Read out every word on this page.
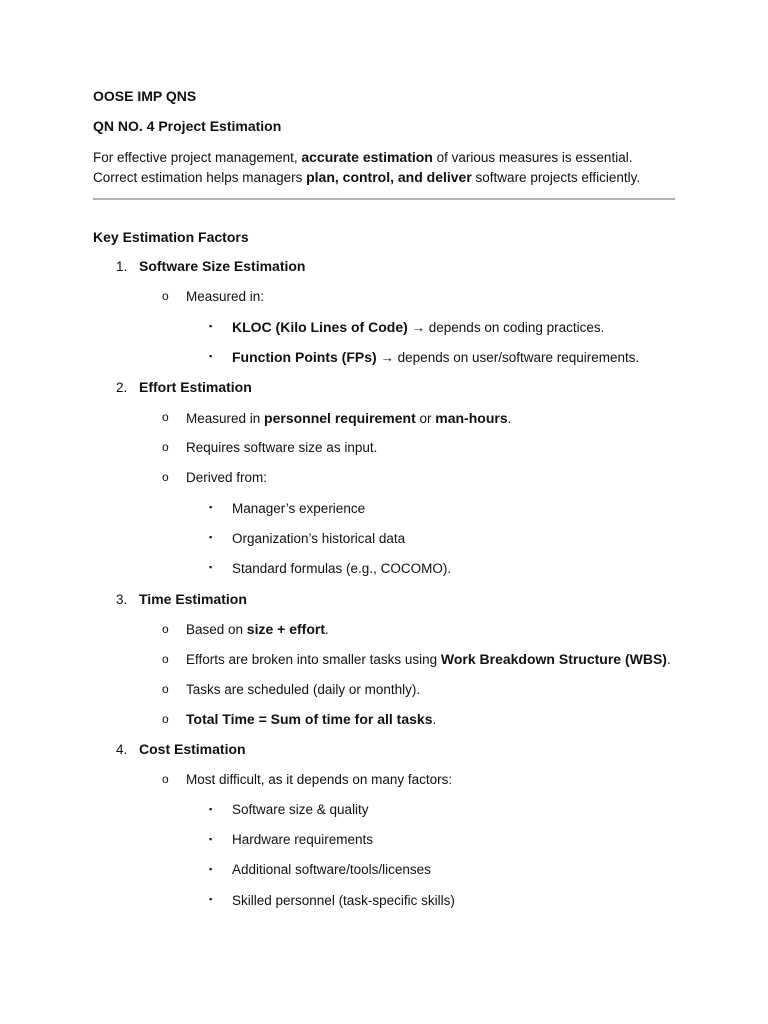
OOSE IMP QNS
QN NO. 4 Project Estimation
For effective project management, accurate estimation of various measures is essential.
Correct estimation helps managers plan, control, and deliver software projects efficiently.
Key Estimation Factors
1. Software Size Estimation
o Measured in:
▪ KLOC (Kilo Lines of Code) → depends on coding practices.
▪ Function Points (FPs) → depends on user/software requirements.
2. Effort Estimation
o Measured in personnel requirement or man-hours.
o Requires software size as input.
o Derived from:
▪ Manager’s experience
▪ Organization’s historical data
▪ Standard formulas (e.g., COCOMO).
3. Time Estimation
o Based on size + effort.
o Efforts are broken into smaller tasks using Work Breakdown Structure (WBS).
o Tasks are scheduled (daily or monthly).
o Total Time = Sum of time for all tasks.
4. Cost Estimation
o Most difficult, as it depends on many factors:
▪ Software size & quality
▪ Hardware requirements
▪ Additional software/tools/licenses
▪ Skilled personnel (task-specific skills)
